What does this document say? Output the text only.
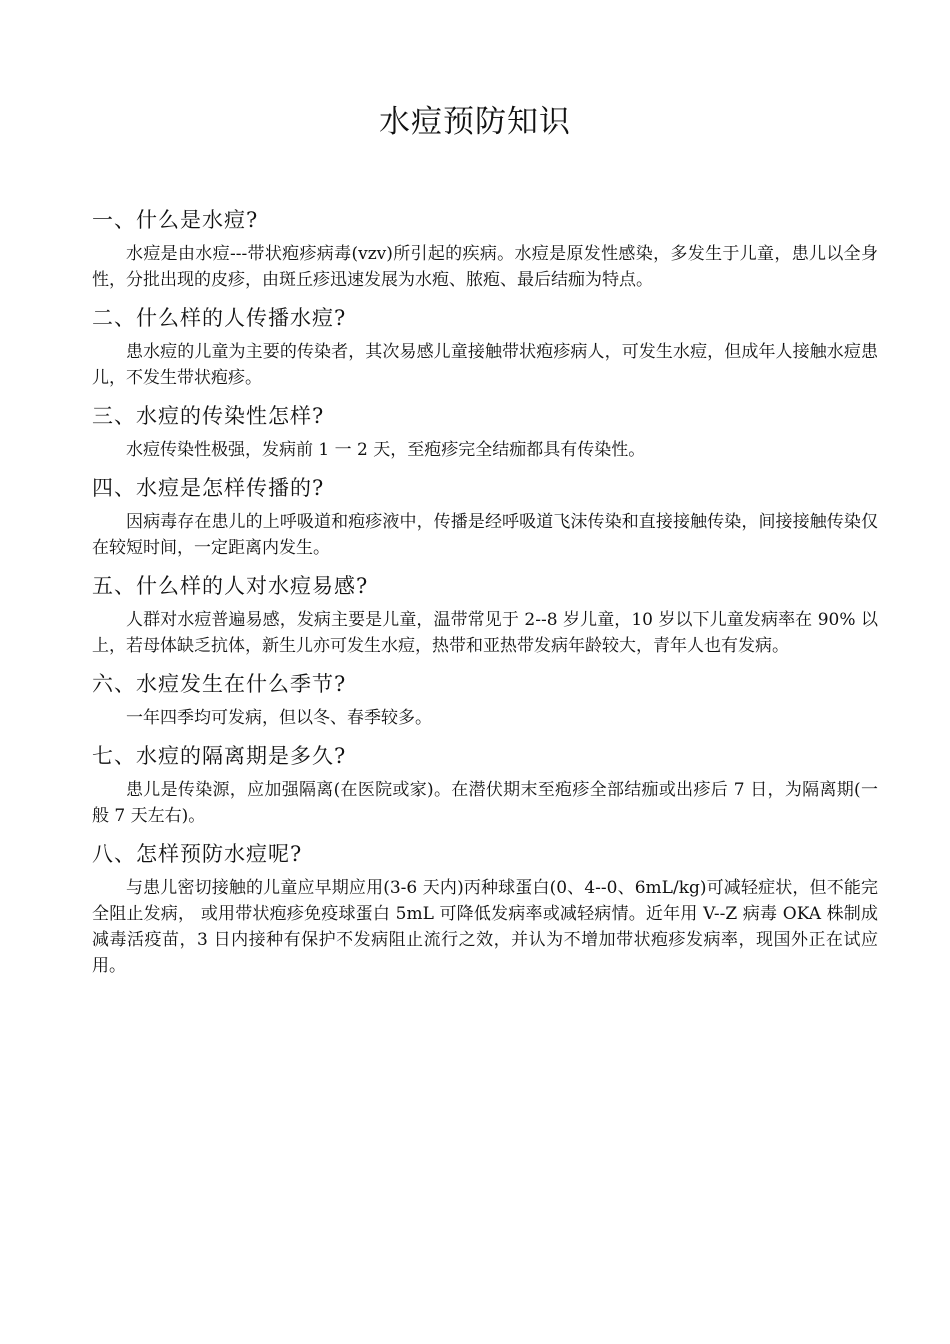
水痘预防知识

一、什么是水痘?

水痘是由水痘---带状疱疹病毒(vzv)所引起的疾病。水痘是原发性感染，多发生于儿童，患儿以全身性，分批出现的皮疹，由斑丘疹迅速发展为水疱、脓疱、最后结痂为特点。

二、什么样的人传播水痘?

患水痘的儿童为主要的传染者，其次易感儿童接触带状疱疹病人，可发生水痘，但成年人接触水痘患儿，不发生带状疱疹。

三、水痘的传染性怎样?

水痘传染性极强，发病前 1 一 2 天，至疱疹完全结痂都具有传染性。

四、水痘是怎样传播的?

因病毒存在患儿的上呼吸道和疱疹液中，传播是经呼吸道飞沫传染和直接接触传染，间接接触传染仅在较短时间，一定距离内发生。

五、什么样的人对水痘易感?

人群对水痘普遍易感，发病主要是儿童，温带常见于 2--8 岁儿童，10 岁以下儿童发病率在 90% 以上，若母体缺乏抗体，新生儿亦可发生水痘，热带和亚热带发病年龄较大，青年人也有发病。

六、水痘发生在什么季节?

一年四季均可发病，但以冬、春季较多。

七、水痘的隔离期是多久?

患儿是传染源，应加强隔离(在医院或家)。在潜伏期末至疱疹全部结痂或出疹后 7 日，为隔离期(一般 7 天左右)。

八、怎样预防水痘呢?

与患儿密切接触的儿童应早期应用(3-6 天内)丙种球蛋白(0、4--0、6mL/kg)可减轻症状，但不能完全阻止发病， 或用带状疱疹免疫球蛋白 5mL 可降低发病率或减轻病情。近年用 V--Z 病毒 OKA 株制成减毒活疫苗，3 日内接种有保护不发病阻止流行之效，并认为不增加带状疱疹发病率，现国外正在试应用。
